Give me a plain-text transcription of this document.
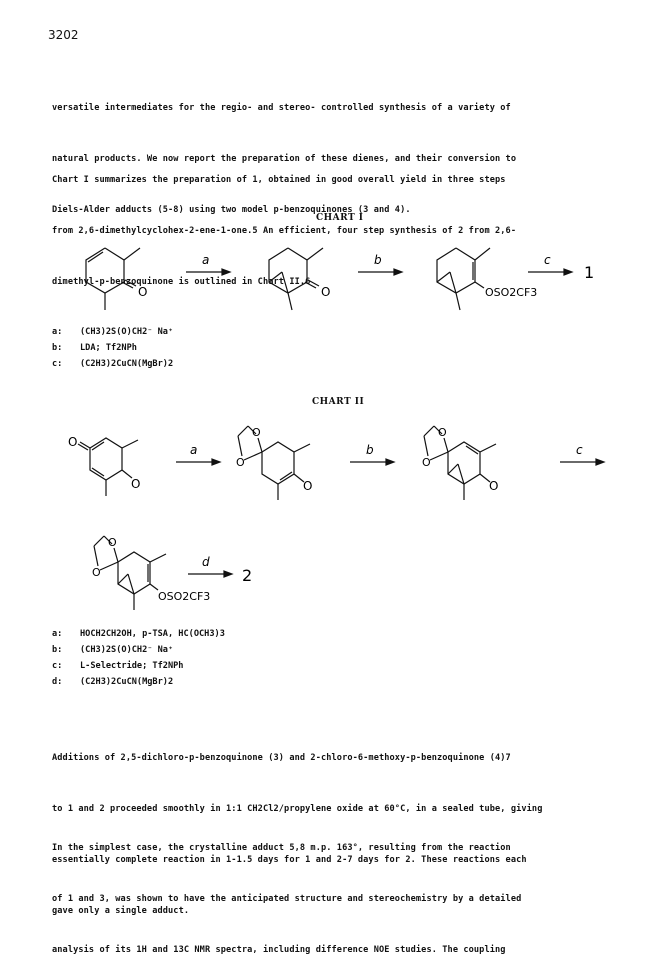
3202

versatile intermediates for the regio- and stereo- controlled synthesis of a variety of

natural products. We now report the preparation of these dienes, and their conversion to

Diels-Alder adducts (5-8) using two model p-benzoquinones (3 and 4).

Chart I summarizes the preparation of 1, obtained in good overall yield in three steps

from 2,6-dimethylcyclohex-2-ene-1-one.5 An efficient, four step synthesis of 2 from 2,6-

dimethyl-p-benzoquinone is outlined in Chart II.6

CHART I
O	O	OSO2CF3
a	b	c
1
a:	(CH3)2S(O)CH2⁻ Na⁺
b:	LDA; Tf2NPh
c:	(C2H3)2CuCN(MgBr)2
CHART II
O
O
O
O
O
O
O
O
a	b	c
O
O
OSO2CF3
d
2
a:	HOCH2CH2OH, p-TSA, HC(OCH3)3
b:	(CH3)2S(O)CH2⁻ Na⁺
c:	L-Selectride; Tf2NPh
d:	(C2H3)2CuCN(MgBr)2

Additions of 2,5-dichloro-p-benzoquinone (3) and 2-chloro-6-methoxy-p-benzoquinone (4)7

to 1 and 2 proceeded smoothly in 1:1 CH2Cl2/propylene oxide at 60°C, in a sealed tube, giving

essentially complete reaction in 1-1.5 days for 1 and 2-7 days for 2. These reactions each

gave only a single adduct.

In the simplest case, the crystalline adduct 5,8 m.p. 163°, resulting from the reaction

of 1 and 3, was shown to have the anticipated structure and stereochemistry by a detailed

analysis of its 1H and 13C NMR spectra, including difference NOE studies. The coupling
